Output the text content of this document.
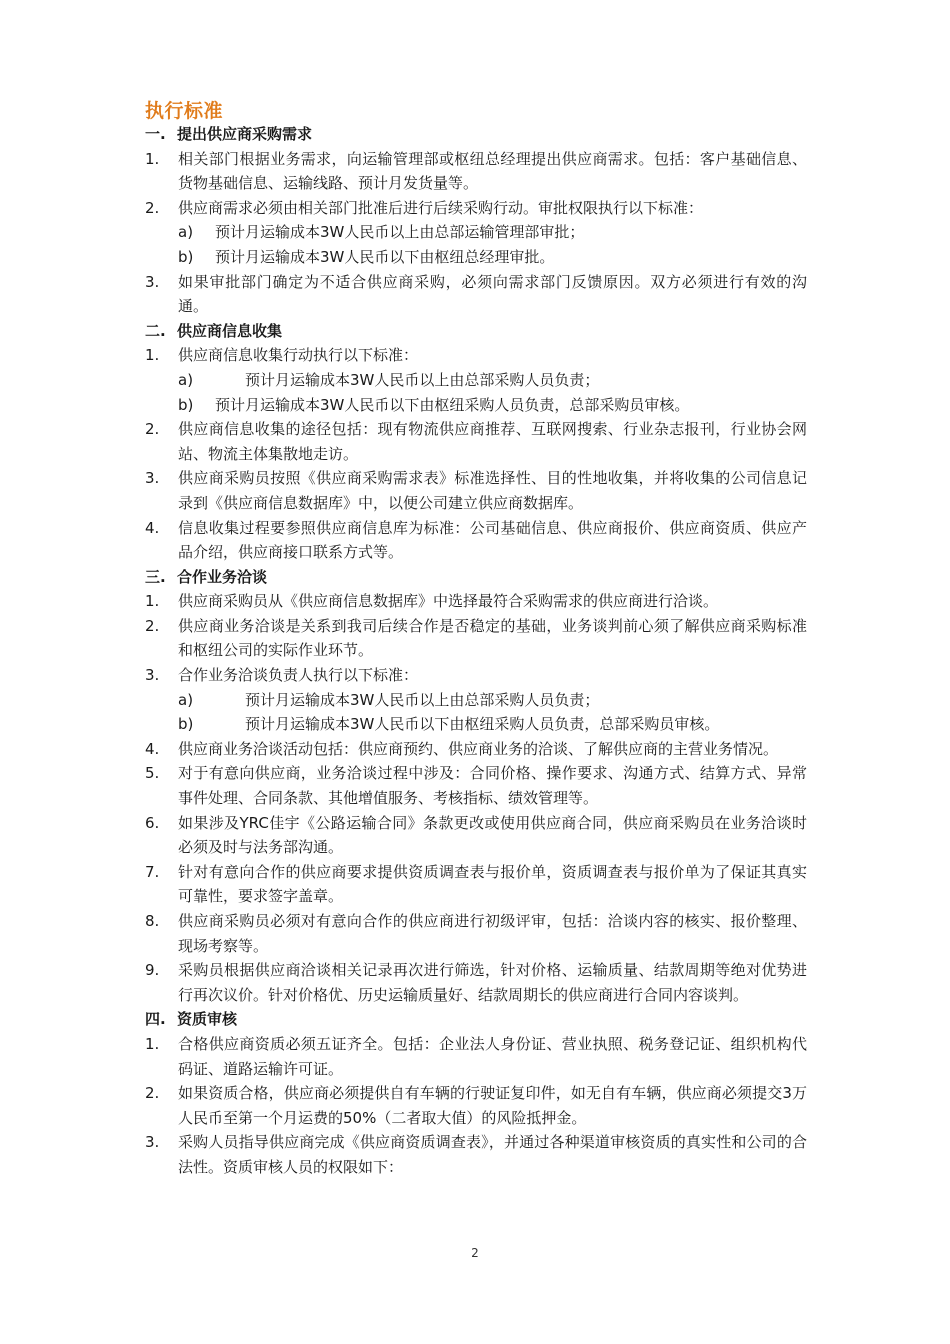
执行标准
一. 提出供应商采购需求
1. 相关部门根据业务需求，向运输管理部或枢纽总经理提出供应商需求。包括：客户基础信息、货物基础信息、运输线路、预计月发货量等。
2. 供应商需求必须由相关部门批准后进行后续采购行动。审批权限执行以下标准：
a) 预计月运输成本3W人民币以上由总部运输管理部审批；
b) 预计月运输成本3W人民币以下由枢纽总经理审批。
3. 如果审批部门确定为不适合供应商采购，必须向需求部门反馈原因。双方必须进行有效的沟通。
二. 供应商信息收集
1. 供应商信息收集行动执行以下标准：
a)	预计月运输成本3W人民币以上由总部采购人员负责；
b) 预计月运输成本3W人民币以下由枢纽采购人员负责，总部采购员审核。
2. 供应商信息收集的途径包括：现有物流供应商推荐、互联网搜索、行业杂志报刊，行业协会网站、物流主体集散地走访。
3. 供应商采购员按照《供应商采购需求表》标准选择性、目的性地收集，并将收集的公司信息记录到《供应商信息数据库》中，以便公司建立供应商数据库。
4. 信息收集过程要参照供应商信息库为标准：公司基础信息、供应商报价、供应商资质、供应产品介绍，供应商接口联系方式等。
三. 合作业务洽谈
1. 供应商采购员从《供应商信息数据库》中选择最符合采购需求的供应商进行洽谈。
2. 供应商业务洽谈是关系到我司后续合作是否稳定的基础，业务谈判前心须了解供应商采购标准和枢纽公司的实际作业环节。
3. 合作业务洽谈负责人执行以下标准：
a)	预计月运输成本3W人民币以上由总部采购人员负责；
b)	预计月运输成本3W人民币以下由枢纽采购人员负责，总部采购员审核。
4. 供应商业务洽谈活动包括：供应商预约、供应商业务的洽谈、了解供应商的主营业务情况。
5. 对于有意向供应商，业务洽谈过程中涉及：合同价格、操作要求、沟通方式、结算方式、异常事件处理、合同条款、其他增值服务、考核指标、绩效管理等。
6. 如果涉及YRC佳宇《公路运输合同》条款更改或使用供应商合同，供应商采购员在业务洽谈时必须及时与法务部沟通。
7. 针对有意向合作的供应商要求提供资质调查表与报价单，资质调查表与报价单为了保证其真实可靠性，要求签字盖章。
8. 供应商采购员必须对有意向合作的供应商进行初级评审，包括：洽谈内容的核实、报价整理、现场考察等。
9. 采购员根据供应商洽谈相关记录再次进行筛选，针对价格、运输质量、结款周期等绝对优势进行再次议价。针对价格优、历史运输质量好、结款周期长的供应商进行合同内容谈判。
四. 资质审核
1. 合格供应商资质必须五证齐全。包括：企业法人身份证、营业执照、税务登记证、组织机构代码证、道路运输许可证。
2. 如果资质合格，供应商必须提供自有车辆的行驶证复印件，如无自有车辆，供应商必须提交3万人民币至第一个月运费的50%（二者取大值）的风险抵押金。
3. 采购人员指导供应商完成《供应商资质调查表》，并通过各种渠道审核资质的真实性和公司的合法性。资质审核人员的权限如下：
2
